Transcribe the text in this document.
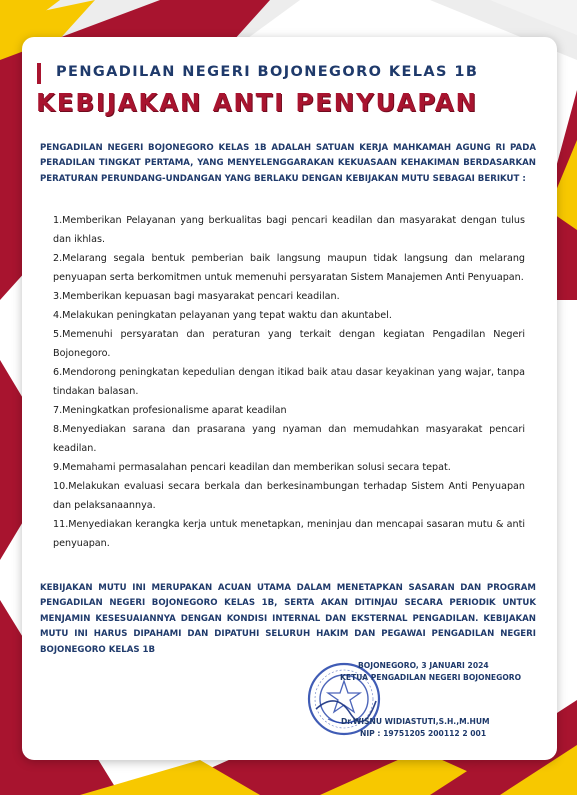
PENGADILAN NEGERI BOJONEGORO KELAS 1B
KEBIJAKAN ANTI PENYUAPAN
PENGADILAN NEGERI BOJONEGORO KELAS 1B ADALAH SATUAN KERJA MAHKAMAH AGUNG RI PADA PERADILAN TINGKAT PERTAMA, YANG MENYELENGGARAKAN KEKUASAAN KEHAKIMAN BERDASARKAN PERATURAN PERUNDANG-UNDANGAN YANG BERLAKU DENGAN KEBIJAKAN MUTU SEBAGAI BERIKUT :
1.Memberikan Pelayanan yang berkualitas bagi pencari keadilan dan masyarakat dengan tulus dan ikhlas.
2.Melarang segala bentuk pemberian baik langsung maupun tidak langsung dan melarang penyuapan serta berkomitmen untuk memenuhi persyaratan Sistem Manajemen Anti Penyuapan.
3.Memberikan kepuasan bagi masyarakat pencari keadilan.
4.Melakukan peningkatan pelayanan yang tepat waktu dan akuntabel.
5.Memenuhi persyaratan dan peraturan yang terkait dengan kegiatan Pengadilan Negeri Bojonegoro.
6.Mendorong peningkatan kepedulian dengan itikad baik atau dasar keyakinan yang wajar, tanpa tindakan balasan.
7.Meningkatkan profesionalisme aparat keadilan
8.Menyediakan sarana dan prasarana yang nyaman dan memudahkan masyarakat pencari keadilan.
9.Memahami permasalahan pencari keadilan dan memberikan solusi secara tepat.
10.Melakukan evaluasi secara berkala dan berkesinambungan terhadap Sistem Anti Penyuapan dan pelaksanaannya.
11.Menyediakan kerangka kerja untuk menetapkan, meninjau dan mencapai sasaran mutu & anti penyuapan.
KEBIJAKAN MUTU INI MERUPAKAN ACUAN UTAMA DALAM MENETAPKAN SASARAN DAN PROGRAM PENGADILAN NEGERI BOJONEGORO KELAS 1B, SERTA AKAN DITINJAU SECARA PERIODIK UNTUK MENJAMIN KESESUAIANNYA DENGAN KONDISI INTERNAL DAN EKSTERNAL PENGADILAN. KEBIJAKAN MUTU INI HARUS DIPAHAMI DAN DIPATUHI SELURUH HAKIM DAN PEGAWAI PENGADILAN NEGERI BOJONEGORO KELAS 1B
BOJONEGORO, 3 JANUARI 2024
KETUA PENGADILAN NEGERI BOJONEGORO
Dr.WISNU WIDIASTUTI,S.H.,M.HUM
NIP : 19751205 200112 2 001
